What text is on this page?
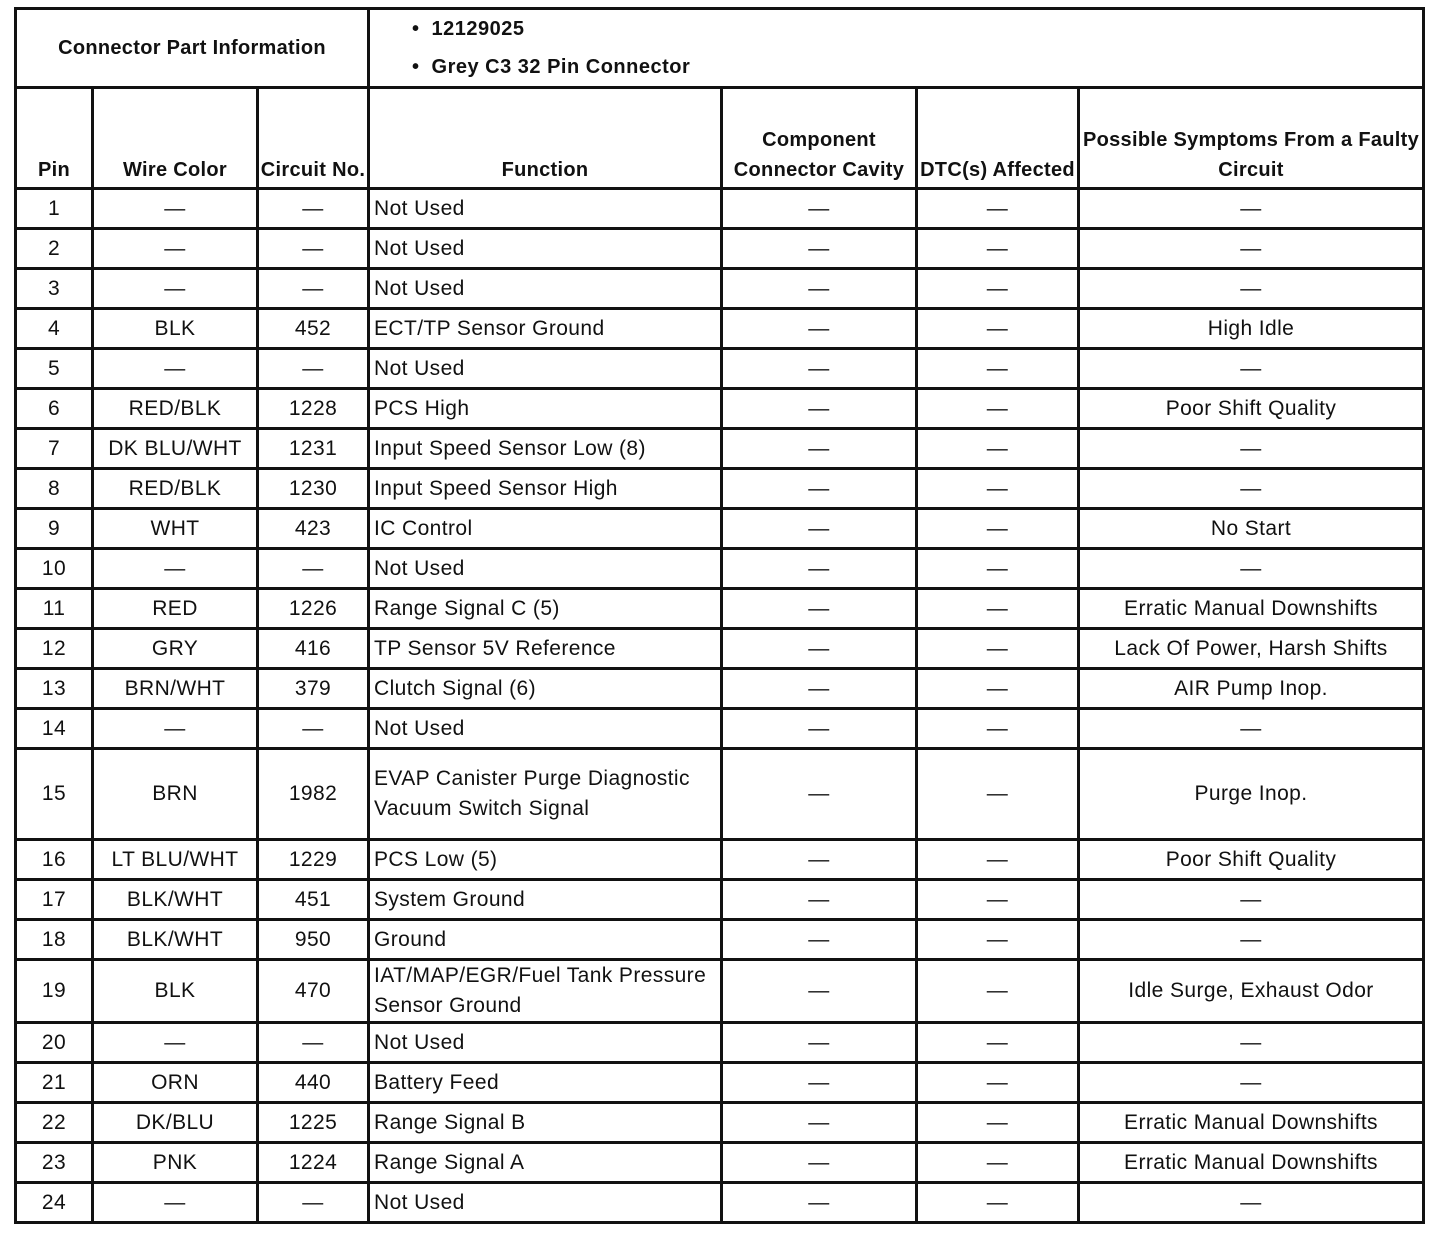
Connector Part Information	
• 12129025
• Grey C3 32 Pin Connector
Pin	Wire Color	Circuit No.	Function	Component Connector Cavity	DTC(s) Affected	Possible Symptoms From a Faulty Circuit
1	—	—	Not Used	—	—	—
2	—	—	Not Used	—	—	—
3	—	—	Not Used	—	—	—
4	BLK	452	ECT/TP Sensor Ground	—	—	High Idle
5	—	—	Not Used	—	—	—
6	RED/BLK	1228	PCS High	—	—	Poor Shift Quality
7	DK BLU/WHT	1231	Input Speed Sensor Low (8)	—	—	—
8	RED/BLK	1230	Input Speed Sensor High	—	—	—
9	WHT	423	IC Control	—	—	No Start
10	—	—	Not Used	—	—	—
11	RED	1226	Range Signal C (5)	—	—	Erratic Manual Downshifts
12	GRY	416	TP Sensor 5V Reference	—	—	Lack Of Power, Harsh Shifts
13	BRN/WHT	379	Clutch Signal (6)	—	—	AIR Pump Inop.
14	—	—	Not Used	—	—	—
15	BRN	1982	EVAP Canister Purge Diagnostic Vacuum Switch Signal	—	—	Purge Inop.
16	LT BLU/WHT	1229	PCS Low (5)	—	—	Poor Shift Quality
17	BLK/WHT	451	System Ground	—	—	—
18	BLK/WHT	950	Ground	—	—	—
19	BLK	470	IAT/MAP/EGR/Fuel Tank Pressure Sensor Ground	—	—	Idle Surge, Exhaust Odor
20	—	—	Not Used	—	—	—
21	ORN	440	Battery Feed	—	—	—
22	DK/BLU	1225	Range Signal B	—	—	Erratic Manual Downshifts
23	PNK	1224	Range Signal A	—	—	Erratic Manual Downshifts
24	—	—	Not Used	—	—	—
